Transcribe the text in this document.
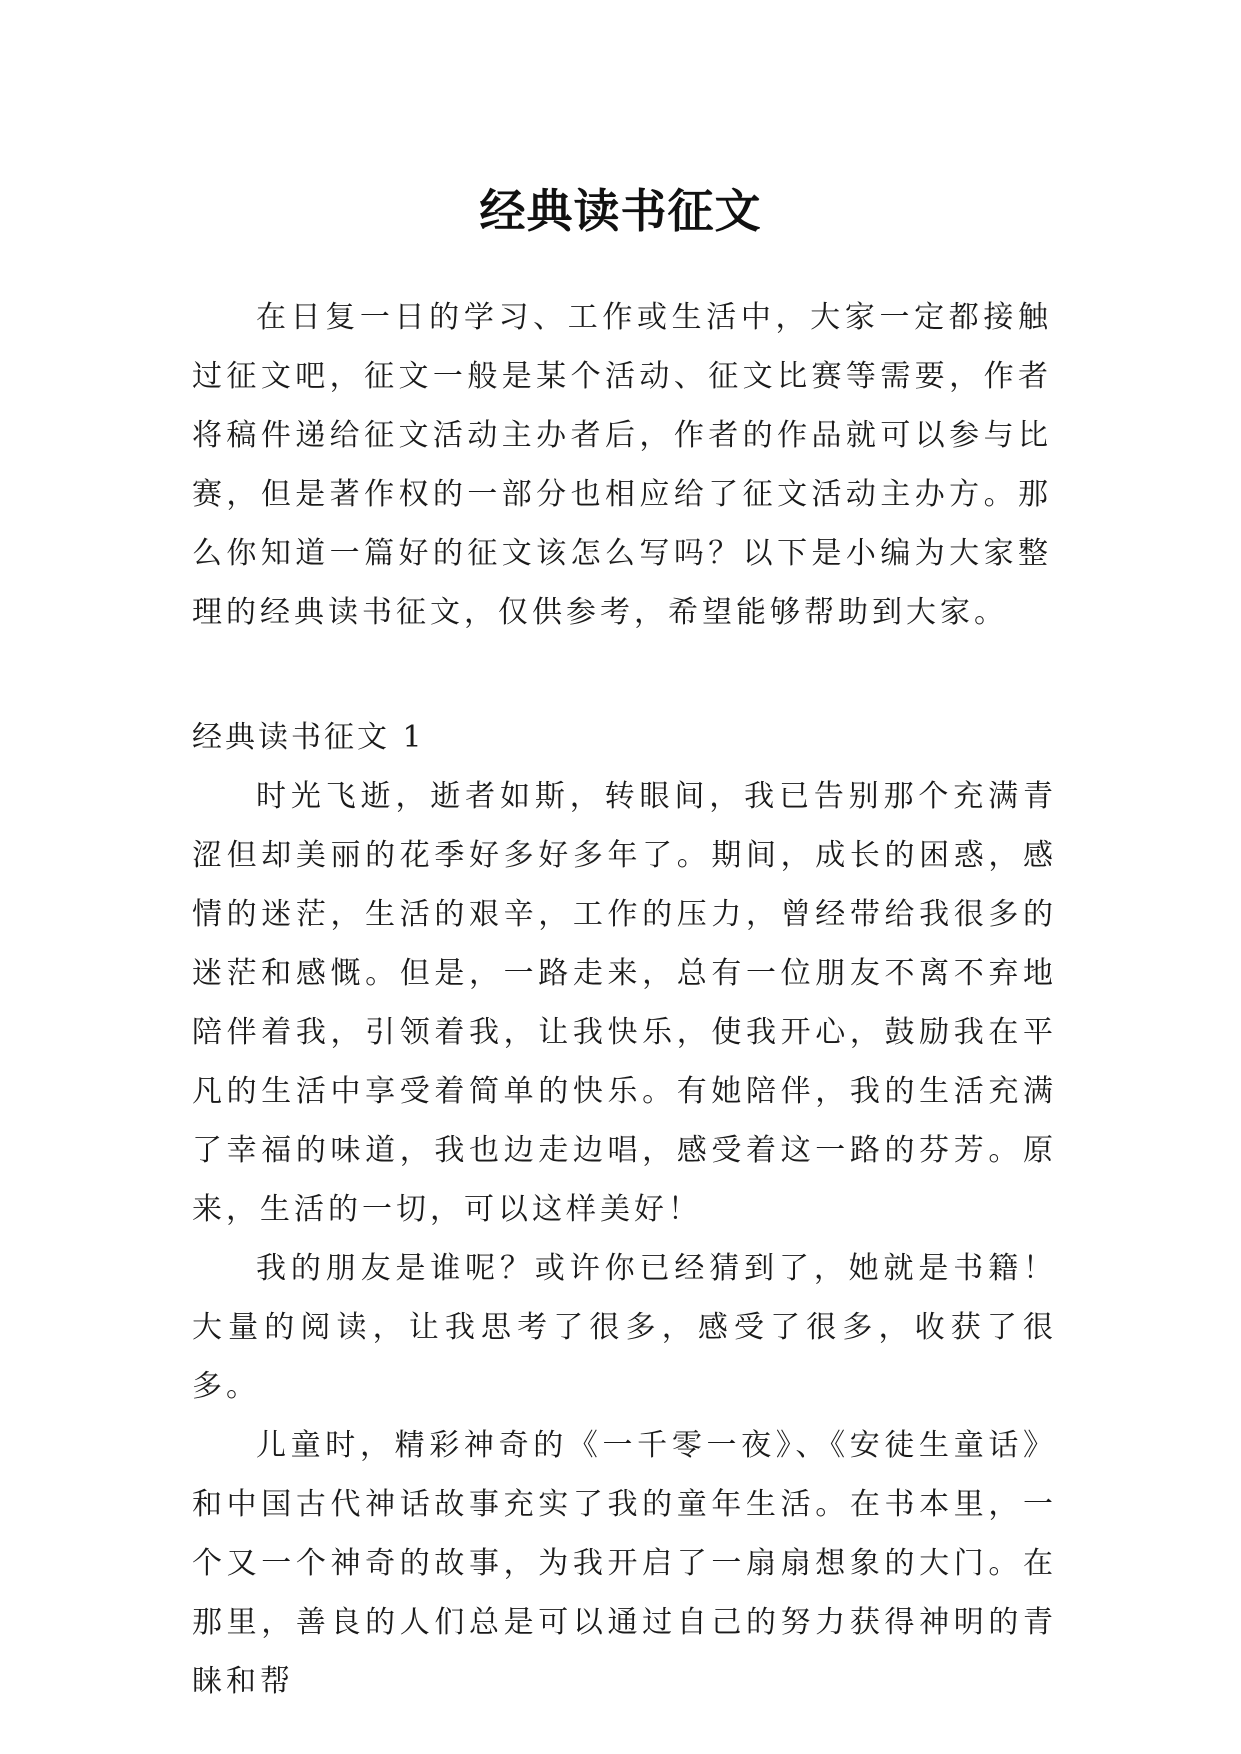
经典读书征文

在日复一日的学习、工作或生活中，大家一定都接触过征文吧，征文一般是某个活动、征文比赛等需要，作者将稿件递给征文活动主办者后，作者的作品就可以参与比赛，但是著作权的一部分也相应给了征文活动主办方。那么你知道一篇好的征文该怎么写吗？以下是小编为大家整理的经典读书征文，仅供参考，希望能够帮助到大家。

经典读书征文 1

时光飞逝，逝者如斯，转眼间，我已告别那个充满青涩但却美丽的花季好多好多年了。期间，成长的困惑，感情的迷茫，生活的艰辛，工作的压力，曾经带给我很多的迷茫和感慨。但是，一路走来，总有一位朋友不离不弃地陪伴着我，引领着我，让我快乐，使我开心，鼓励我在平凡的生活中享受着简单的快乐。有她陪伴，我的生活充满了幸福的味道，我也边走边唱，感受着这一路的芬芳。原来，生活的一切，可以这样美好！

我的朋友是谁呢？或许你已经猜到了，她就是书籍！大量的阅读，让我思考了很多，感受了很多，收获了很多。

儿童时，精彩神奇的《一千零一夜》、《安徒生童话》和中国古代神话故事充实了我的童年生活。在书本里，一个又一个神奇的故事，为我开启了一扇扇想象的大门。在那里，善良的人们总是可以通过自己的努力获得神明的青睐和帮
